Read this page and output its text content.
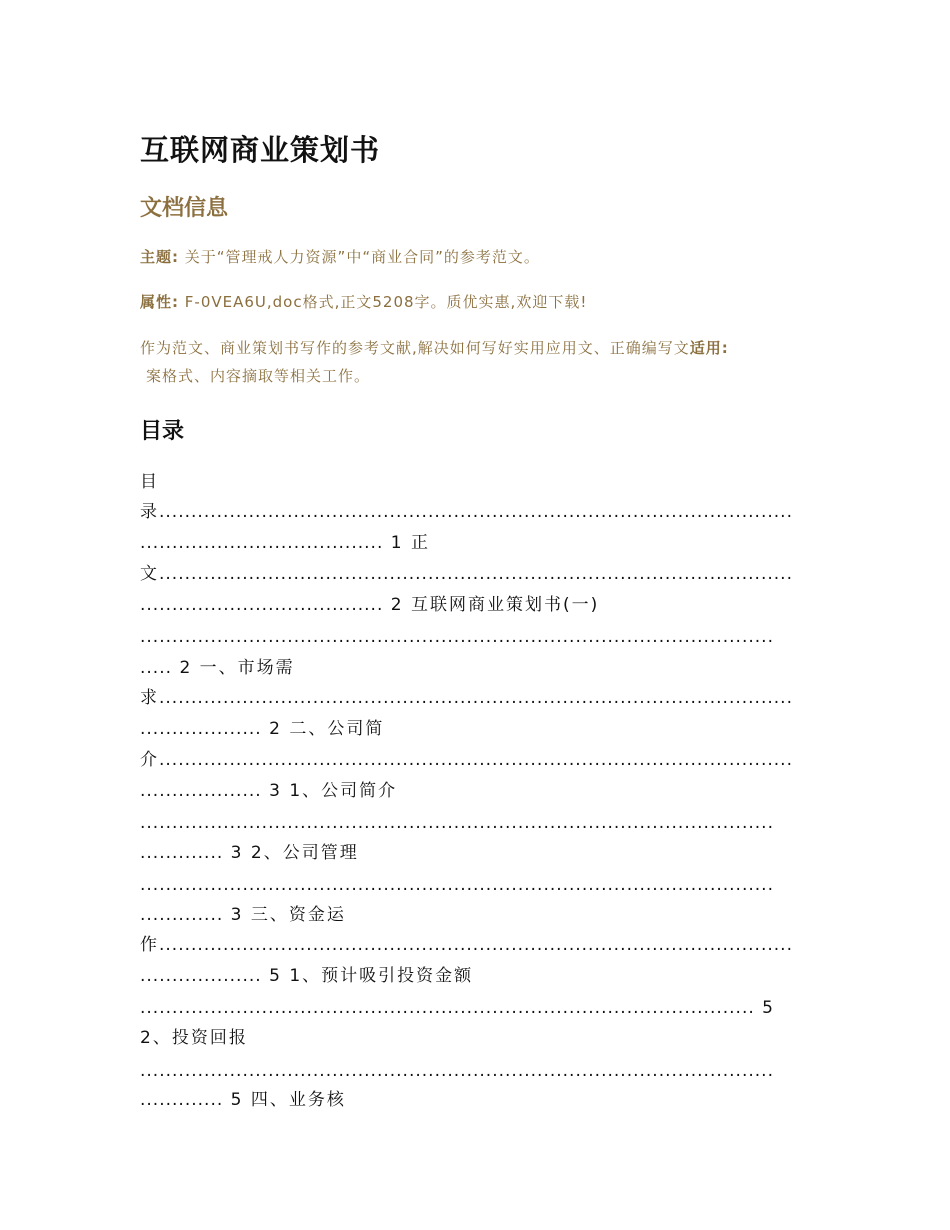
互联网商业策划书
文档信息
主题: 关于“管理戒人力资源”中“商业合同”的参考范文。
属性: F-0VEA6U,doc格式,正文5208字。质优实惠,欢迎下载!
作为范文、商业策划书写作的参考文献,解决如何写好实用应用文、正确编写文适用:
案格式、内容摘取等相关工作。
目录
目
录...................................................................................................
...................................... 1 正
文...................................................................................................
...................................... 2 互联网商业策划书(一)
...................................................................................................
..... 2 一、市场需
求...................................................................................................
................... 2 二、公司简
介...................................................................................................
................... 3 1、公司简介
...................................................................................................
............. 3 2、公司管理
...................................................................................................
............. 3 三、资金运
作...................................................................................................
................... 5 1、预计吸引投资金额
................................................................................................ 5
2、投资回报
...................................................................................................
............. 5 四、业务核
